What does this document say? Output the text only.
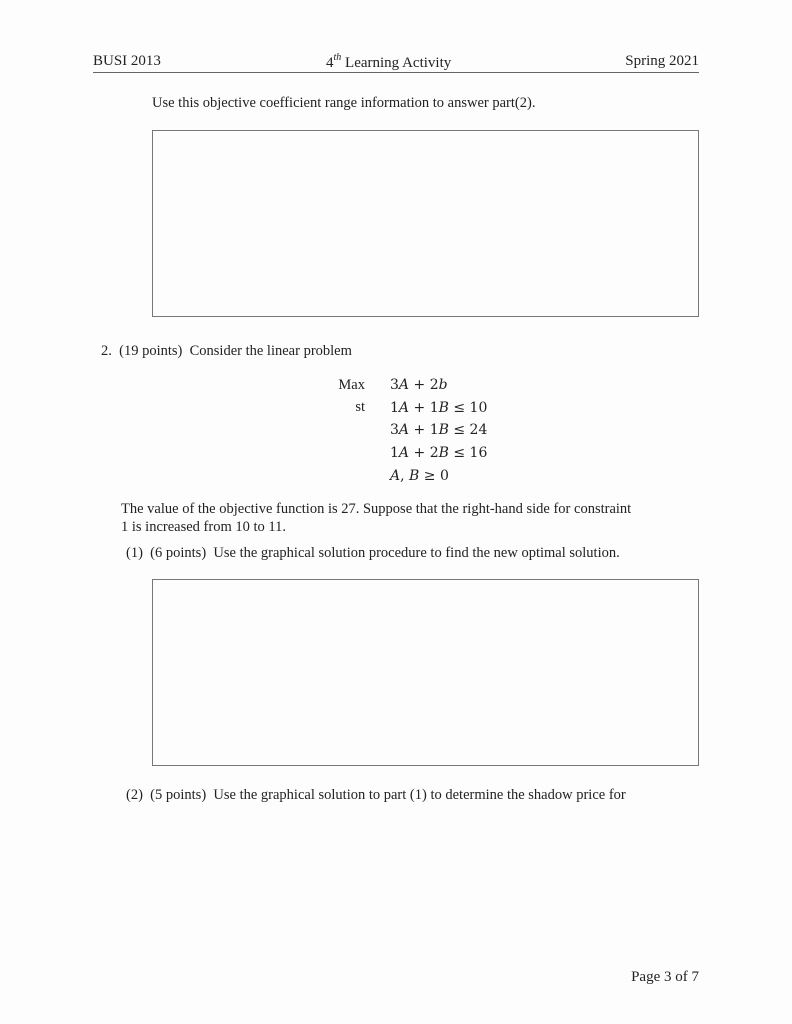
BUSI 2013	4th Learning Activity	Spring 2021
Use this objective coefficient range information to answer part(2).
2. (19 points) Consider the linear problem
Max	3A + 2b
st	1A + 1B ≤ 10
	3A + 1B ≤ 24
	1A + 2B ≤ 16
	A, B ≥ 0
The value of the objective function is 27. Suppose that the right-hand side for constraint
1 is increased from 10 to 11.
(1) (6 points) Use the graphical solution procedure to find the new optimal solution.
(2) (5 points) Use the graphical solution to part (1) to determine the shadow price for
Page 3 of 7
